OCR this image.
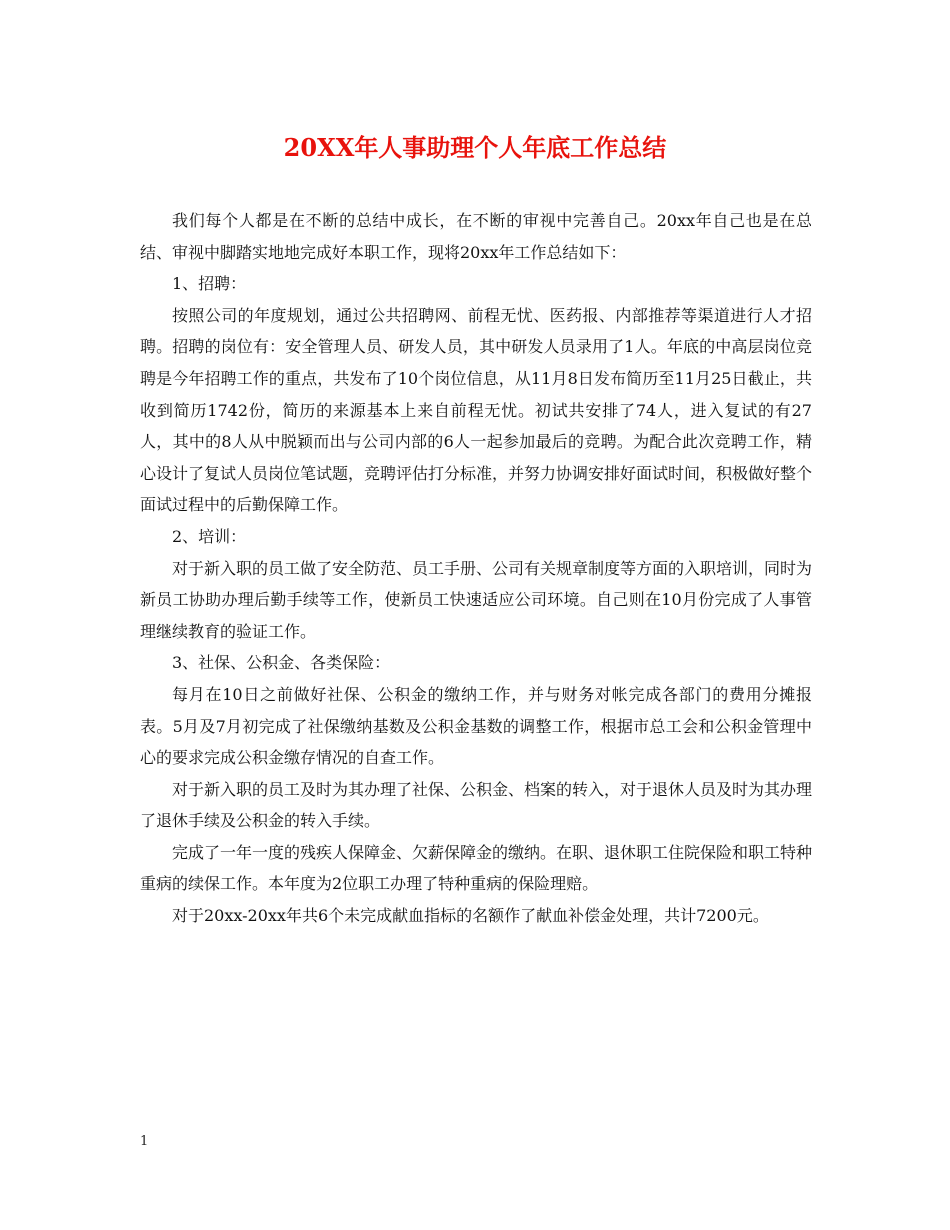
20XX年人事助理个人年底工作总结

我们每个人都是在不断的总结中成长，在不断的审视中完善自己。20xx年自己也是在总结、审视中脚踏实地地完成好本职工作，现将20xx年工作总结如下：

1、招聘：

按照公司的年度规划，通过公共招聘网、前程无忧、医药报、内部推荐等渠道进行人才招聘。招聘的岗位有：安全管理人员、研发人员，其中研发人员录用了1人。年底的中高层岗位竞聘是今年招聘工作的重点，共发布了10个岗位信息，从11月8日发布简历至11月25日截止，共收到简历1742份，简历的来源基本上来自前程无忧。初试共安排了74人，进入复试的有27人，其中的8人从中脱颖而出与公司内部的6人一起参加最后的竞聘。为配合此次竞聘工作，精心设计了复试人员岗位笔试题，竞聘评估打分标准，并努力协调安排好面试时间，积极做好整个面试过程中的后勤保障工作。

2、培训：

对于新入职的员工做了安全防范、员工手册、公司有关规章制度等方面的入职培训，同时为新员工协助办理后勤手续等工作，使新员工快速适应公司环境。自己则在10月份完成了人事管理继续教育的验证工作。

3、社保、公积金、各类保险：

每月在10日之前做好社保、公积金的缴纳工作，并与财务对帐完成各部门的费用分摊报表。5月及7月初完成了社保缴纳基数及公积金基数的调整工作，根据市总工会和公积金管理中心的要求完成公积金缴存情况的自查工作。

对于新入职的员工及时为其办理了社保、公积金、档案的转入，对于退休人员及时为其办理了退休手续及公积金的转入手续。

完成了一年一度的残疾人保障金、欠薪保障金的缴纳。在职、退休职工住院保险和职工特种重病的续保工作。本年度为2位职工办理了特种重病的保险理赔。

对于20xx-20xx年共6个未完成献血指标的名额作了献血补偿金处理，共计7200元。

1
